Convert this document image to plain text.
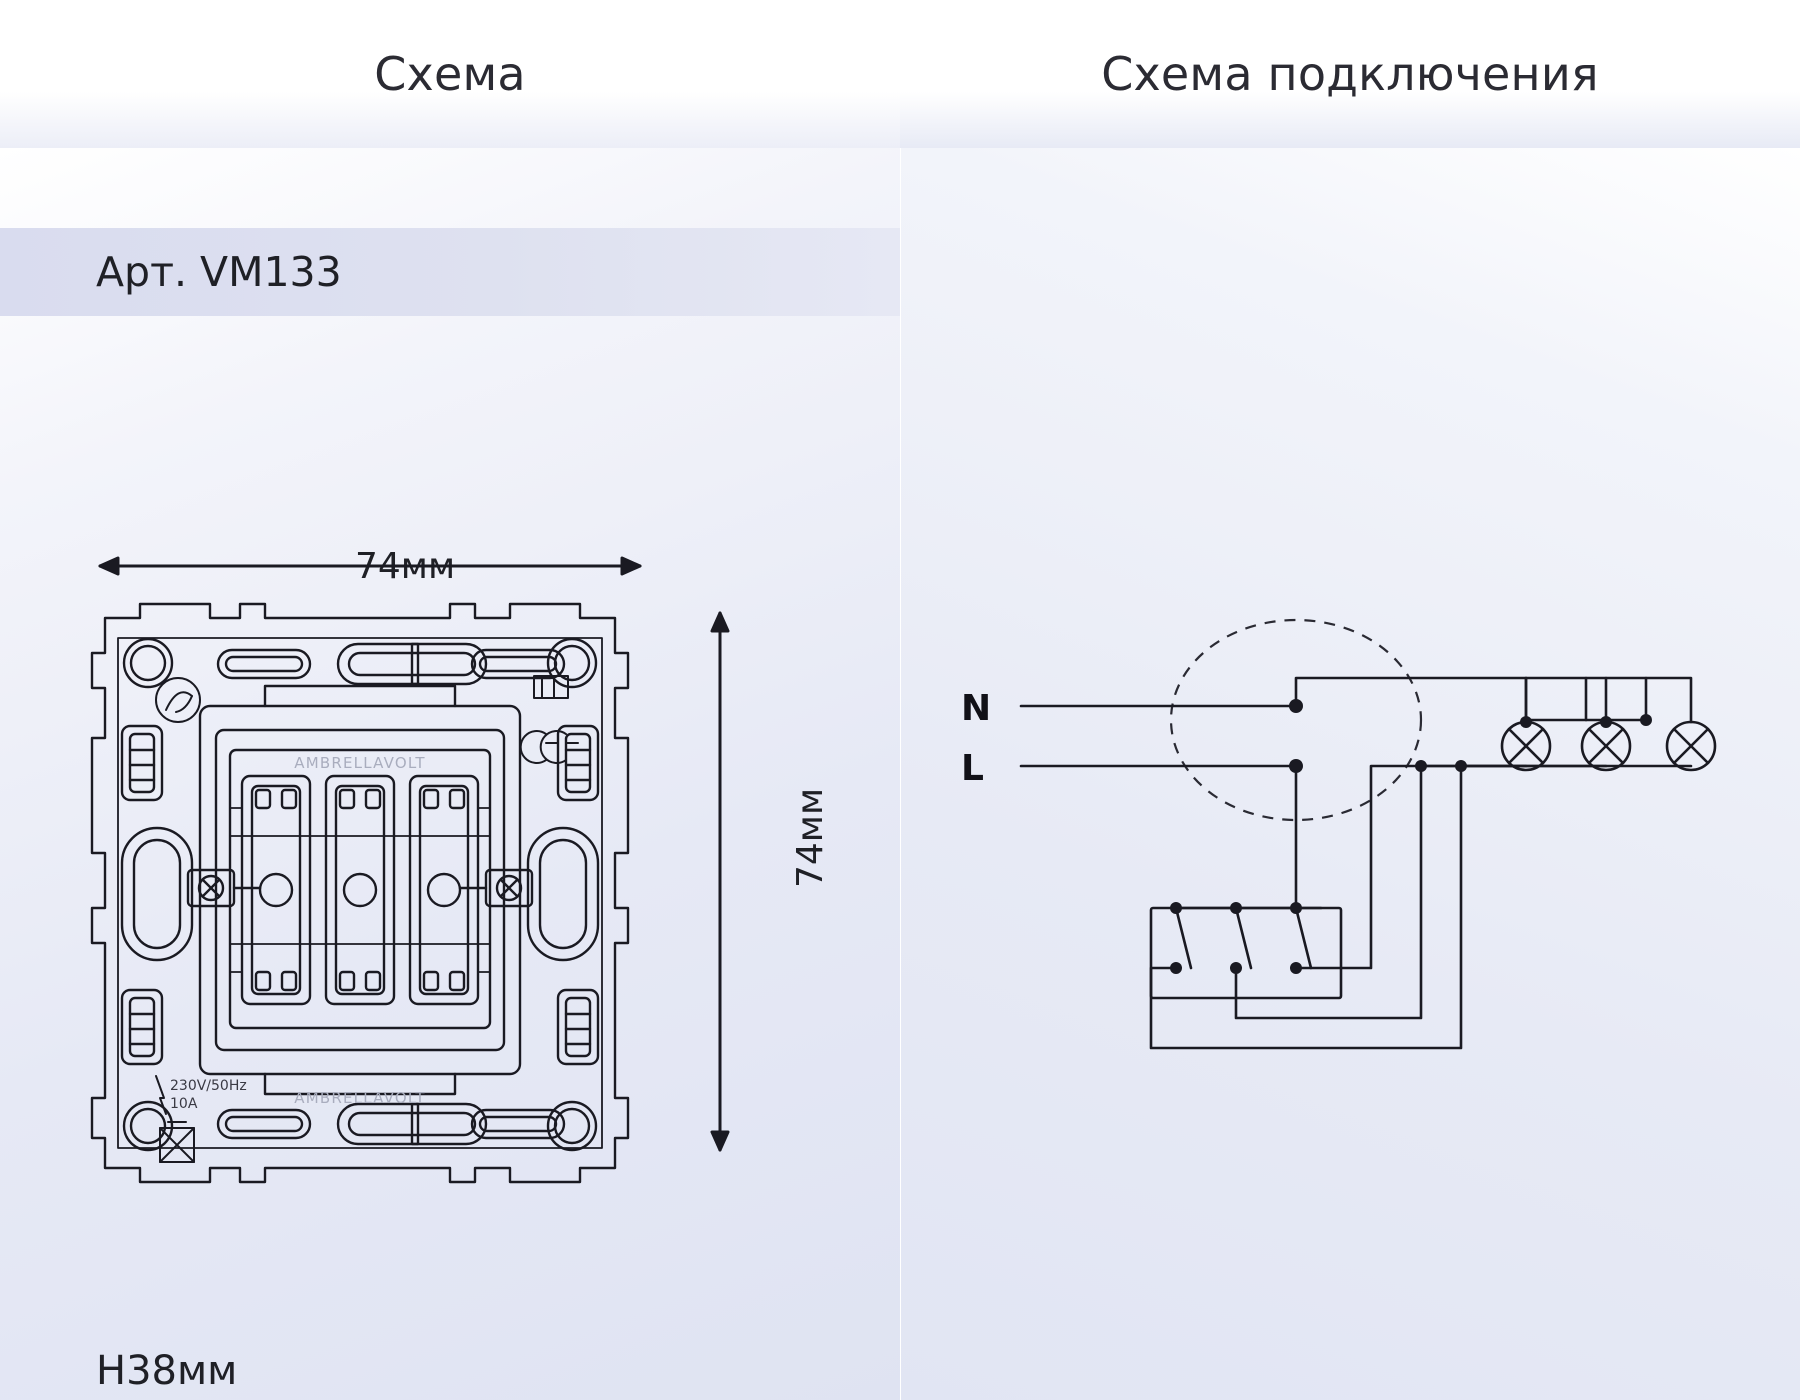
Схема	Схема подключения
Арт. VM133
74мм
74мм
H38мм
AMBRELLAVOLT
AMBRELLAVOLT
230V/50Hz
10A
N
L
